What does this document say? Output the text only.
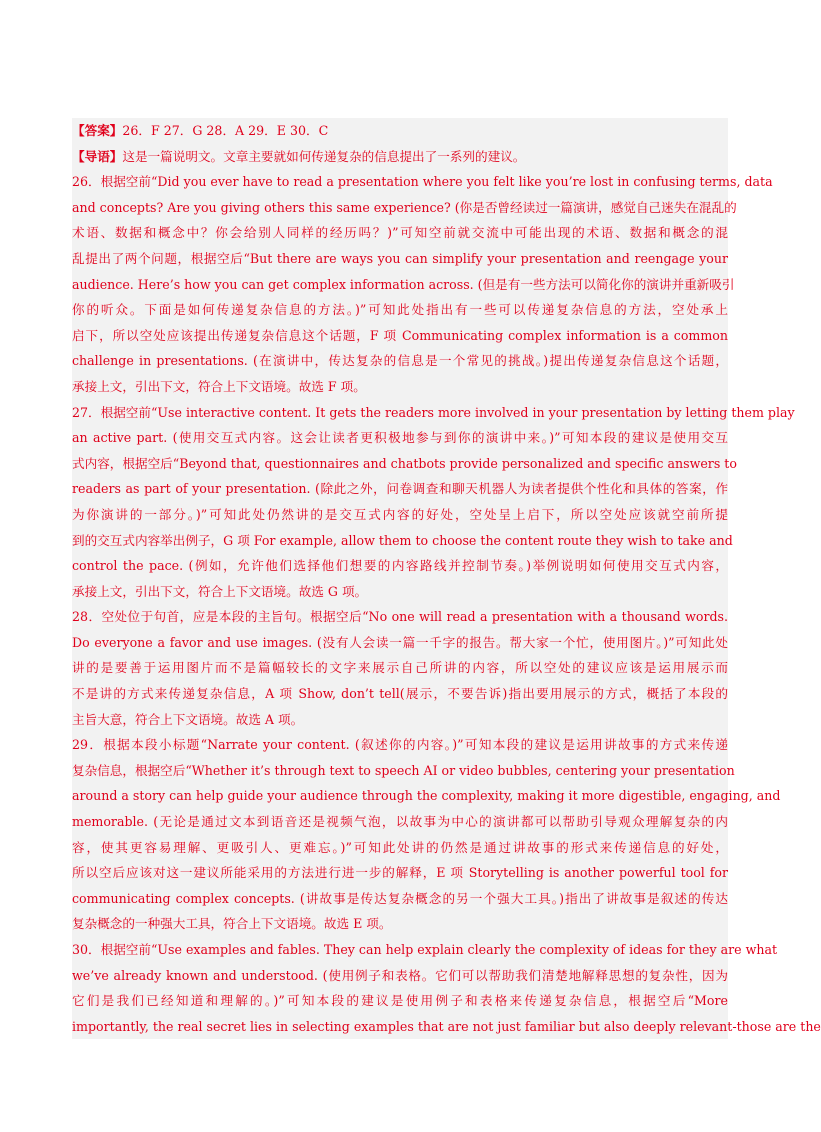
【答案】26．F 27．G 28．A 29．E 30．C
【导语】这是一篇说明文。文章主要就如何传递复杂的信息提出了一系列的建议。
26．根据空前“Did you ever have to read a presentation where you felt like you’re lost in confusing terms, data
and concepts? Are you giving others this same experience? (你是否曾经读过一篇演讲，感觉自己迷失在混乱的
术语、数据和概念中？你会给别人同样的经历吗？)”可知空前就交流中可能出现的术语、数据和概念的混
乱提出了两个问题，根据空后“But there are ways you can simplify your presentation and reengage your
audience. Here’s how you can get complex information across. (但是有一些方法可以简化你的演讲并重新吸引
你的听众。下面是如何传递复杂信息的方法。)”可知此处指出有一些可以传递复杂信息的方法，空处承上
启下，所以空处应该提出传递复杂信息这个话题，F 项 Communicating complex information is a common
challenge in presentations. (在演讲中，传达复杂的信息是一个常见的挑战。)提出传递复杂信息这个话题，
承接上文，引出下文，符合上下文语境。故选 F 项。
27．根据空前“Use interactive content. It gets the readers more involved in your presentation by letting them play
an active part. (使用交互式内容。这会让读者更积极地参与到你的演讲中来。)”可知本段的建议是使用交互
式内容，根据空后“Beyond that, questionnaires and chatbots provide personalized and specific answers to
readers as part of your presentation. (除此之外，问卷调查和聊天机器人为读者提供个性化和具体的答案，作
为你演讲的一部分。)”可知此处仍然讲的是交互式内容的好处，空处呈上启下，所以空处应该就空前所提
到的交互式内容举出例子，G 项 For example, allow them to choose the content route they wish to take and
control the pace. (例如，允许他们选择他们想要的内容路线并控制节奏。)举例说明如何使用交互式内容，
承接上文，引出下文，符合上下文语境。故选 G 项。
28．空处位于句首，应是本段的主旨句。根据空后“No one will read a presentation with a thousand words.
Do everyone a favor and use images. (没有人会读一篇一千字的报告。帮大家一个忙，使用图片。)”可知此处
讲的是要善于运用图片而不是篇幅较长的文字来展示自己所讲的内容，所以空处的建议应该是运用展示而
不是讲的方式来传递复杂信息，A 项 Show, don’t tell(展示，不要告诉)指出要用展示的方式，概括了本段的
主旨大意，符合上下文语境。故选 A 项。
29．根据本段小标题“Narrate your content. (叙述你的内容。)”可知本段的建议是运用讲故事的方式来传递
复杂信息，根据空后“Whether it’s through text to speech AI or video bubbles, centering your presentation
around a story can help guide your audience through the complexity, making it more digestible, engaging, and
memorable. (无论是通过文本到语音还是视频气泡，以故事为中心的演讲都可以帮助引导观众理解复杂的内
容，使其更容易理解、更吸引人、更难忘。)”可知此处讲的仍然是通过讲故事的形式来传递信息的好处，
所以空后应该对这一建议所能采用的方法进行进一步的解释，E 项 Storytelling is another powerful tool for
communicating complex concepts. (讲故事是传达复杂概念的另一个强大工具。)指出了讲故事是叙述的传达
复杂概念的一种强大工具，符合上下文语境。故选 E 项。
30．根据空前“Use examples and fables. They can help explain clearly the complexity of ideas for they are what
we’ve already known and understood. (使用例子和表格。它们可以帮助我们清楚地解释思想的复杂性，因为
它们是我们已经知道和理解的。)”可知本段的建议是使用例子和表格来传递复杂信息，根据空后“More
importantly, the real secret lies in selecting examples that are not just familiar but also deeply relevant-those are the
